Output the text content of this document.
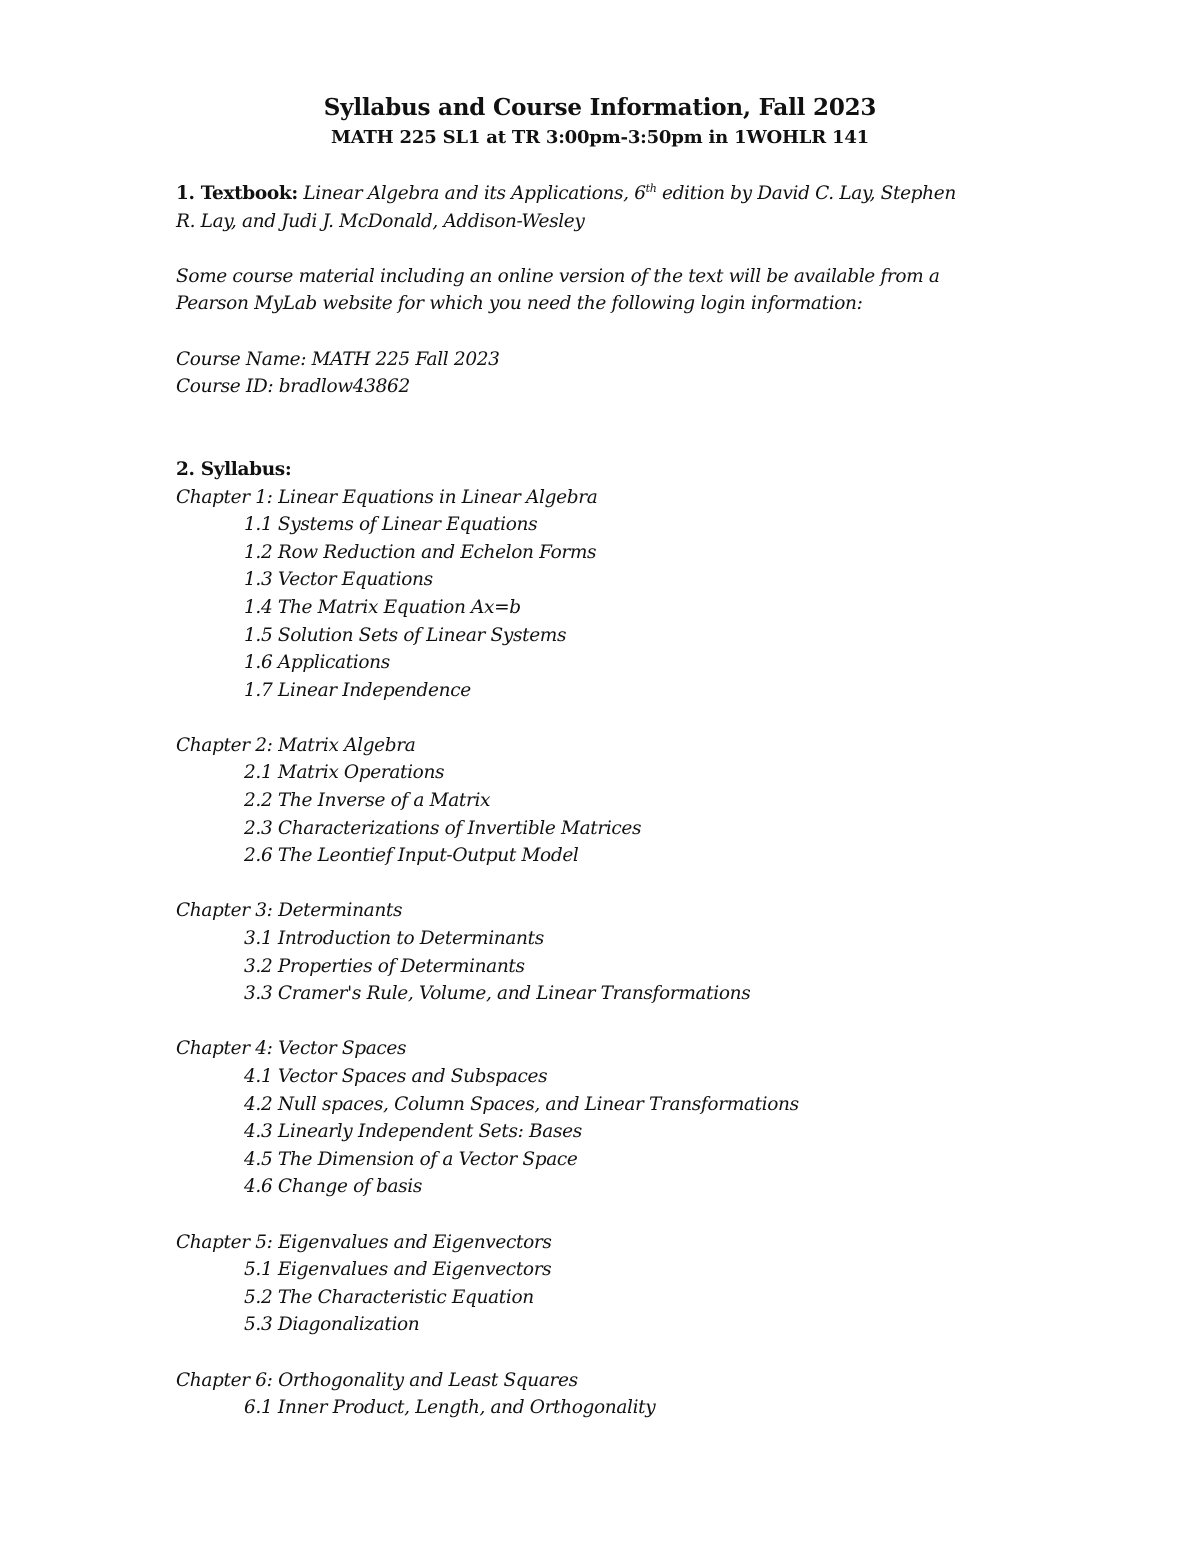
Syllabus and Course Information, Fall 2023
MATH 225 SL1 at TR 3:00pm-3:50pm in 1WOHLR 141
1. Textbook: Linear Algebra and its Applications, 6th edition by David C. Lay, Stephen
R. Lay, and Judi J. McDonald, Addison-Wesley
Some course material including an online version of the text will be available from a
Pearson MyLab website for which you need the following login information:
Course Name: MATH 225 Fall 2023
Course ID: bradlow43862
2. Syllabus:
Chapter 1: Linear Equations in Linear Algebra
1.1 Systems of Linear Equations
1.2 Row Reduction and Echelon Forms
1.3 Vector Equations
1.4 The Matrix Equation Ax=b
1.5 Solution Sets of Linear Systems
1.6 Applications
1.7 Linear Independence
Chapter 2: Matrix Algebra
2.1 Matrix Operations
2.2 The Inverse of a Matrix
2.3 Characterizations of Invertible Matrices
2.6 The Leontief Input-Output Model
Chapter 3: Determinants
3.1 Introduction to Determinants
3.2 Properties of Determinants
3.3 Cramer's Rule, Volume, and Linear Transformations
Chapter 4: Vector Spaces
4.1 Vector Spaces and Subspaces
4.2 Null spaces, Column Spaces, and Linear Transformations
4.3 Linearly Independent Sets: Bases
4.5 The Dimension of a Vector Space
4.6 Change of basis
Chapter 5: Eigenvalues and Eigenvectors
5.1 Eigenvalues and Eigenvectors
5.2 The Characteristic Equation
5.3 Diagonalization
Chapter 6: Orthogonality and Least Squares
6.1 Inner Product, Length, and Orthogonality
